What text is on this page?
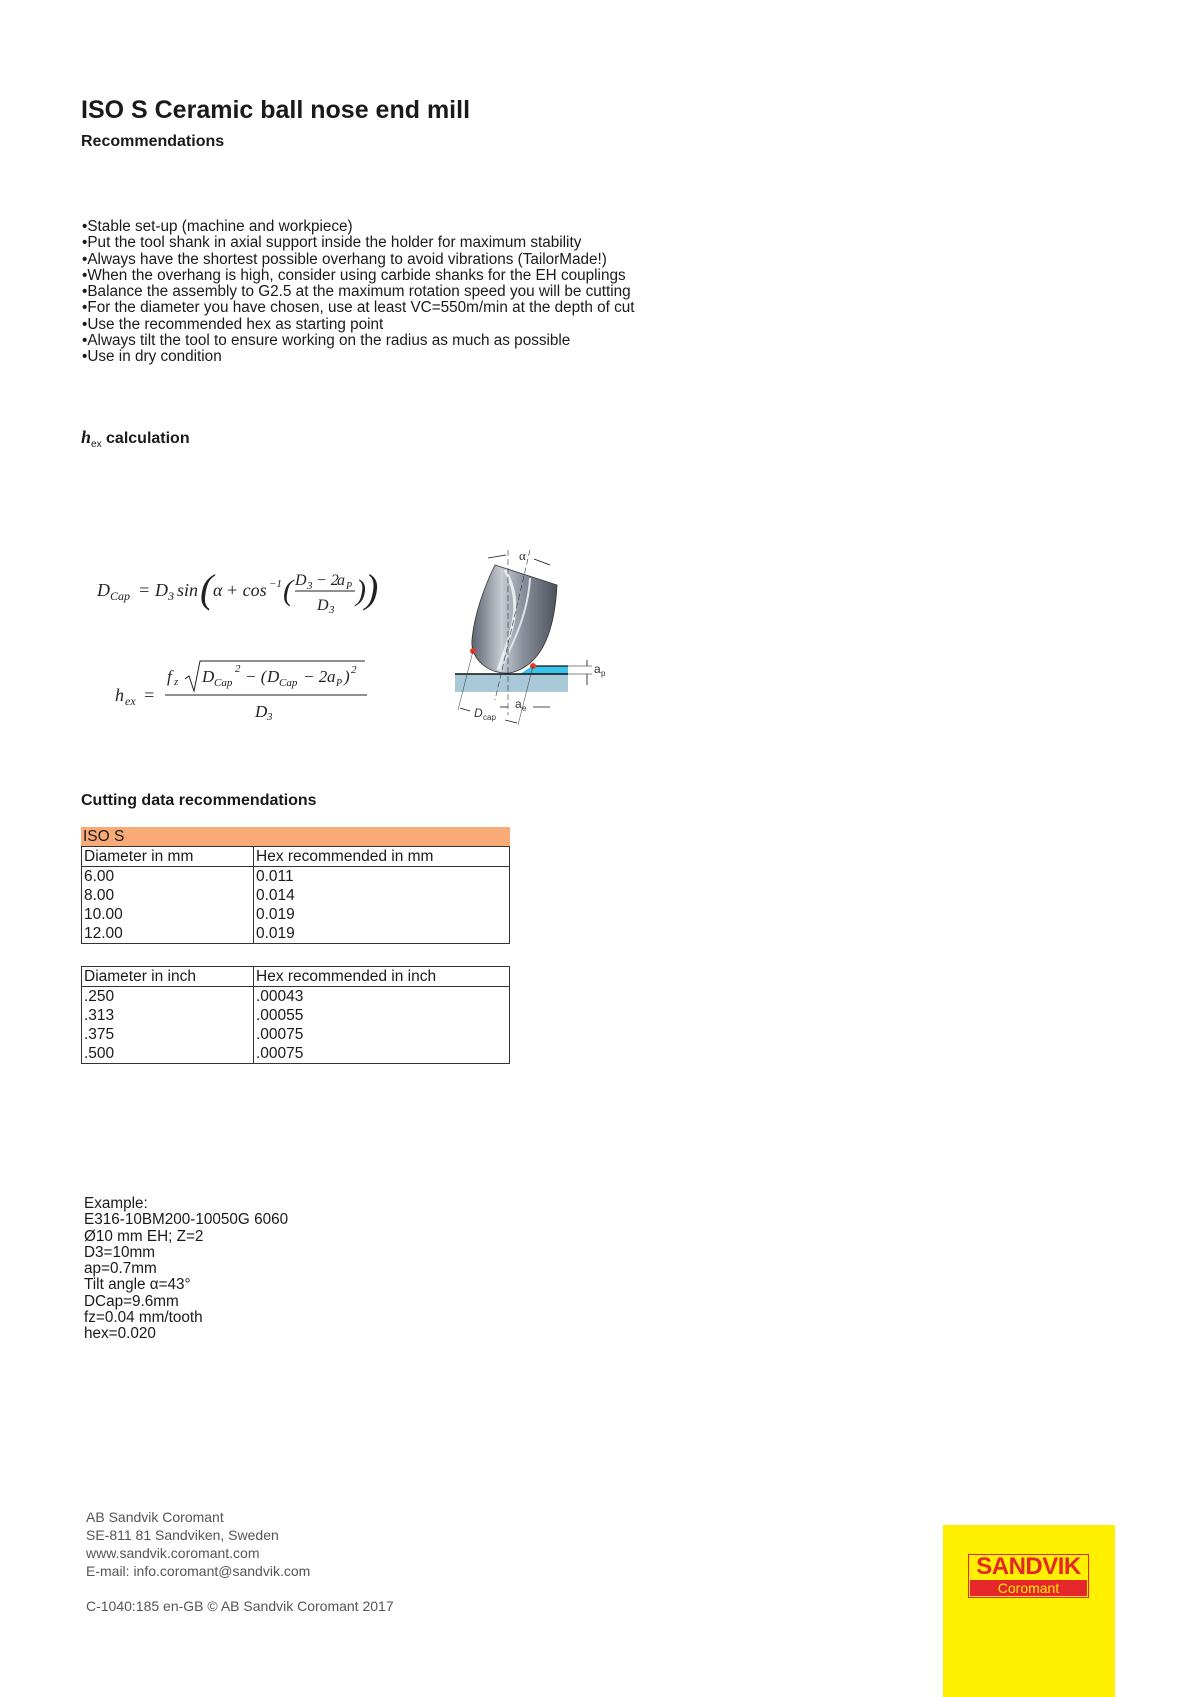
ISO S Ceramic ball nose end mill
Recommendations
• Stable set-up (machine and workpiece)
• Put the tool shank in axial support inside the holder for maximum stability
• Always have the shortest possible overhang to avoid vibrations (TailorMade!)
• When the overhang is high, consider using carbide shanks for the EH couplings
• Balance the assembly to G2.5 at the maximum rotation speed you will be cutting
• For the diameter you have chosen, use at least VC=550m/min at the depth of cut
• Use the recommended hex as starting point
• Always tilt the tool to ensure working on the radius as much as possible
• Use in dry condition
$h_{ex}$ calculation
D Cap = D 3 sin ( α + cos −1 ( D 3 − 2
a P
D 3
) )
h ex =
f z D Cap
2 − ( D Cap − 2 a P ) 2
D 3
α
a p
a e
D cap
Cutting data recommendations
ISO S
Diameter in mm	Hex recommended in mm
6.00	0.011
8.00	0.014
10.00	0.019
12.00	0.019
Diameter in inch	Hex recommended in inch
.250	.00043
.313	.00055
.375	.00075
.500	.00075
Example:
E316-10BM200-10050G 6060
Ø10 mm EH; Z=2
D3=10mm
ap=0.7mm
Tilt angle α=43°
DCap=9.6mm
fz=0.04 mm/tooth
hex=0.020
AB Sandvik Coromant
SE-811 81 Sandviken, Sweden
www.sandvik.coromant.com
E-mail: info.coromant@sandvik.com
C-1040:185 en-GB © AB Sandvik Coromant 2017
SANDVIK
Coromant
